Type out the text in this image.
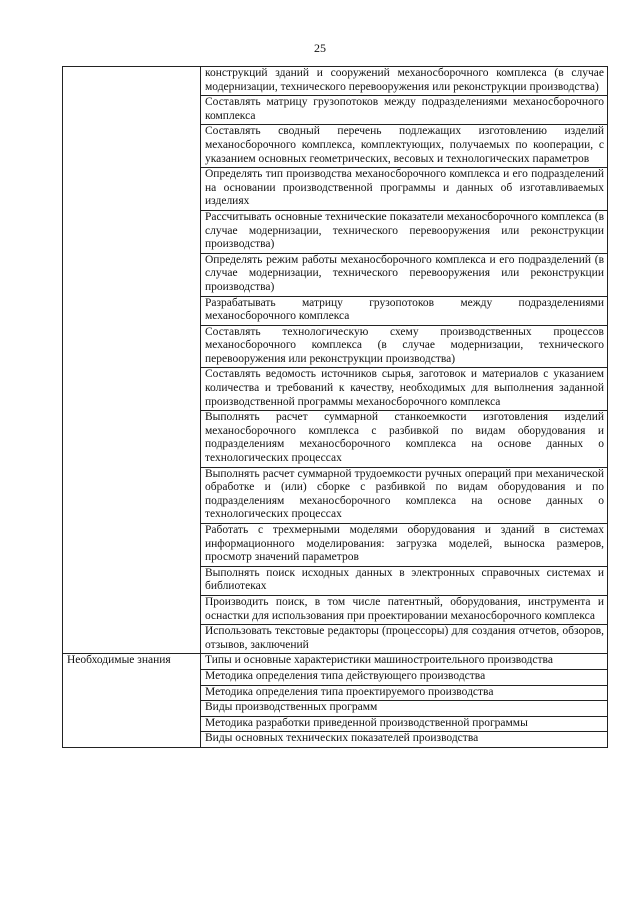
25
	конструкций зданий и сооружений механосборочного комплекса (в случае модернизации, технического перевооружения или реконструкции производства)
	Составлять матрицу грузопотоков между подразделениями механосборочного комплекса
	Составлять сводный перечень подлежащих изготовлению изделий механосборочного комплекса, комплектующих, получаемых по кооперации, с указанием основных геометрических, весовых и технологических параметров
	Определять тип производства механосборочного комплекса и его подразделений на основании производственной программы и данных об изготавливаемых изделиях
	Рассчитывать основные технические показатели механосборочного комплекса (в случае модернизации, технического перевооружения или реконструкции производства)
	Определять режим работы механосборочного комплекса и его подразделений (в случае модернизации, технического перевооружения или реконструкции производства)
	Разрабатывать матрицу грузопотоков между подразделениями механосборочного комплекса
	Составлять технологическую схему производственных процессов механосборочного комплекса (в случае модернизации, технического перевооружения или реконструкции производства)
	Составлять ведомость источников сырья, заготовок и материалов с указанием количества и требований к качеству, необходимых для выполнения заданной производственной программы механосборочного комплекса
	Выполнять расчет суммарной станкоемкости изготовления изделий механосборочного комплекса с разбивкой по видам оборудования и подразделениям механосборочного комплекса на основе данных о технологических процессах
	Выполнять расчет суммарной трудоемкости ручных операций при механической обработке и (или) сборке с разбивкой по видам оборудования и по подразделениям механосборочного комплекса на основе данных о технологических процессах
	Работать с трехмерными моделями оборудования и зданий в системах информационного моделирования: загрузка моделей, выноска размеров, просмотр значений параметров
	Выполнять поиск исходных данных в электронных справочных системах и библиотеках
	Производить поиск, в том числе патентный, оборудования, инструмента и оснастки для использования при проектировании механосборочного комплекса
	Использовать текстовые редакторы (процессоры) для создания отчетов, обзоров, отзывов, заключений
Необходимые знания	Типы и основные характеристики машиностроительного производства
	Методика определения типа действующего производства
	Методика определения типа проектируемого производства
	Виды производственных программ
	Методика разработки приведенной производственной программы
	Виды основных технических показателей производства
